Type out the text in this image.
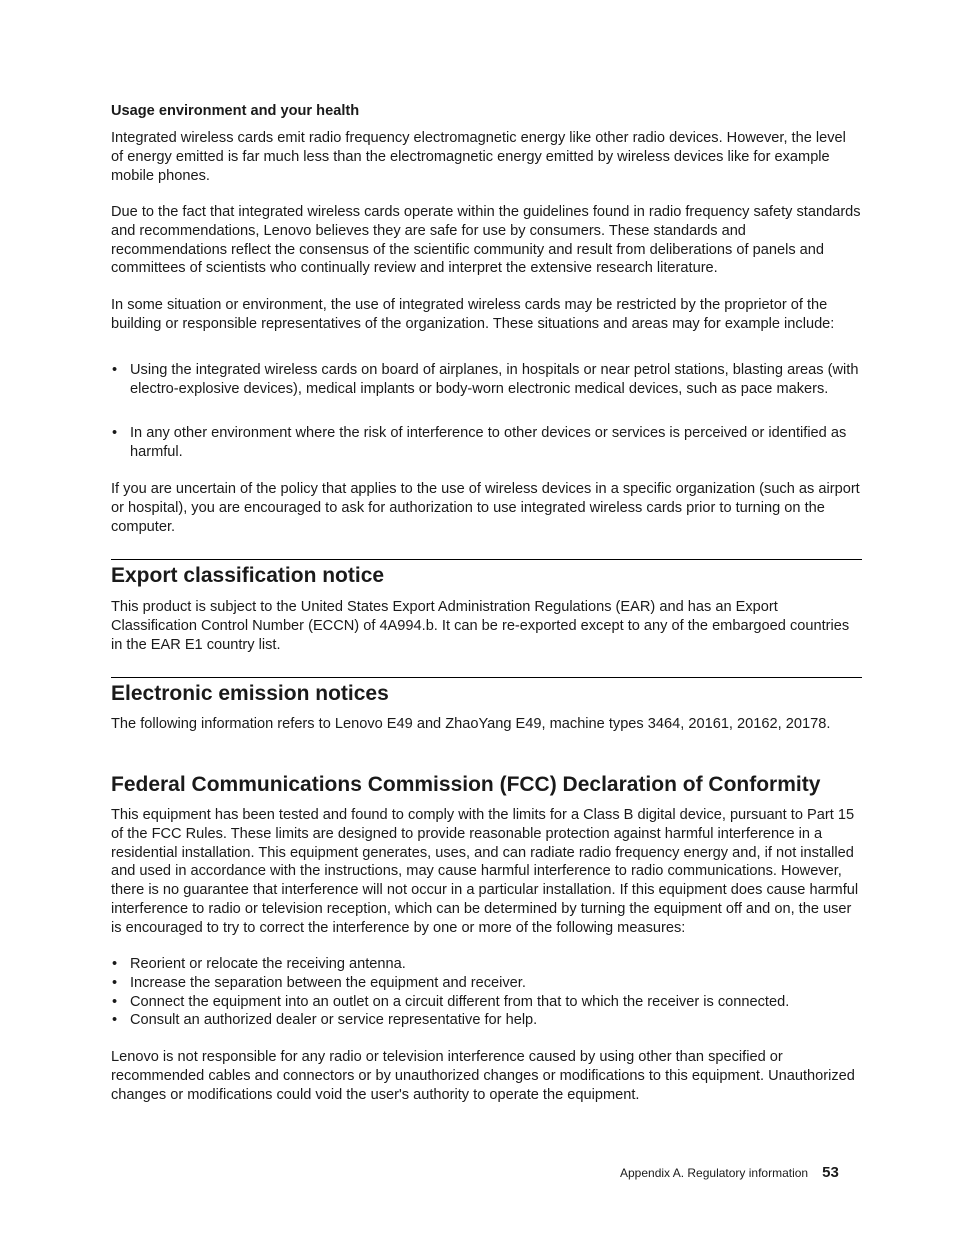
Usage environment and your health

Integrated wireless cards emit radio frequency electromagnetic energy like other radio devices. However, the level of energy emitted is far much less than the electromagnetic energy emitted by wireless devices like for example mobile phones.

Due to the fact that integrated wireless cards operate within the guidelines found in radio frequency safety standards and recommendations, Lenovo believes they are safe for use by consumers. These standards and recommendations reflect the consensus of the scientific community and result from deliberations of panels and committees of scientists who continually review and interpret the extensive research literature.

In some situation or environment, the use of integrated wireless cards may be restricted by the proprietor of the building or responsible representatives of the organization. These situations and areas may for example include:

• Using the integrated wireless cards on board of airplanes, in hospitals or near petrol stations, blasting areas (with electro-explosive devices), medical implants or body-worn electronic medical devices, such as pace makers.
• In any other environment where the risk of interference to other devices or services is perceived or identified as harmful.

If you are uncertain of the policy that applies to the use of wireless devices in a specific organization (such as airport or hospital), you are encouraged to ask for authorization to use integrated wireless cards prior to turning on the computer.

Export classification notice

This product is subject to the United States Export Administration Regulations (EAR) and has an Export Classification Control Number (ECCN) of 4A994.b. It can be re-exported except to any of the embargoed countries in the EAR E1 country list.

Electronic emission notices

The following information refers to Lenovo E49 and ZhaoYang E49, machine types 3464, 20161, 20162, 20178.

Federal Communications Commission (FCC) Declaration of Conformity

This equipment has been tested and found to comply with the limits for a Class B digital device, pursuant to Part 15 of the FCC Rules. These limits are designed to provide reasonable protection against harmful interference in a residential installation. This equipment generates, uses, and can radiate radio frequency energy and, if not installed and used in accordance with the instructions, may cause harmful interference to radio communications. However, there is no guarantee that interference will not occur in a particular installation. If this equipment does cause harmful interference to radio or television reception, which can be determined by turning the equipment off and on, the user is encouraged to try to correct the interference by one or more of the following measures:

• Reorient or relocate the receiving antenna.
• Increase the separation between the equipment and receiver.
• Connect the equipment into an outlet on a circuit different from that to which the receiver is connected.
• Consult an authorized dealer or service representative for help.

Lenovo is not responsible for any radio or television interference caused by using other than specified or recommended cables and connectors or by unauthorized changes or modifications to this equipment. Unauthorized changes or modifications could void the user's authority to operate the equipment.

Appendix A. Regulatory information 53
